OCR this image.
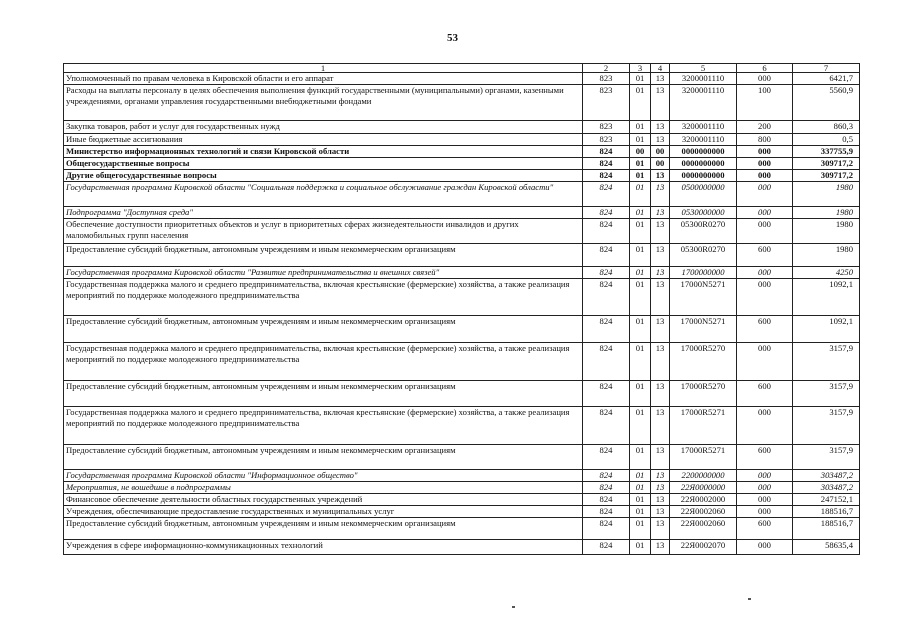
53
1	2	3	4	5	6	7
Уполномоченный по правам человека в Кировской области и его аппарат	823	01	13	3200001110	000	6421,7
Расходы на выплаты персоналу в целях обеспечения выполнения функций государственными (муниципальными) органами, казенными учреждениями, органами управления государственными внебюджетными фондами	823	01	13	3200001110	100	5560,9
Закупка товаров, работ и услуг для государственных нужд	823	01	13	3200001110	200	860,3
Иные бюджетные ассигнования	823	01	13	3200001110	800	0,5
Министерство информационных технологий и связи Кировской области	824	00	00	0000000000	000	337755,9
Общегосударственные вопросы	824	01	00	0000000000	000	309717,2
Другие общегосударственные вопросы	824	01	13	0000000000	000	309717,2
Государственная программа Кировской области "Социальная поддержка и социальное обслуживание граждан Кировской области"	824	01	13	0500000000	000	1980
Подпрограмма "Доступная среда"	824	01	13	0530000000	000	1980
Обеспечение доступности приоритетных объектов и услуг в приоритетных сферах жизнедеятельности инвалидов и других маломобильных групп населения	824	01	13	05300R0270	000	1980
Предоставление субсидий бюджетным, автономным учреждениям и иным некоммерческим организациям	824	01	13	05300R0270	600	1980
Государственная программа Кировской области "Развитие предпринимательства и внешних связей"	824	01	13	1700000000	000	4250
Государственная поддержка малого и среднего предпринимательства, включая крестьянские (фермерские) хозяйства, а также реализация мероприятий по поддержке молодежного предпринимательства	824	01	13	17000N5271	000	1092,1
Предоставление субсидий бюджетным, автономным учреждениям и иным некоммерческим организациям	824	01	13	17000N5271	600	1092,1
Государственная поддержка малого и среднего предпринимательства, включая крестьянские (фермерские) хозяйства, а также реализация мероприятий по поддержке молодежного предпринимательства	824	01	13	17000R5270	000	3157,9
Предоставление субсидий бюджетным, автономным учреждениям и иным некоммерческим организациям	824	01	13	17000R5270	600	3157,9
Государственная поддержка малого и среднего предпринимательства, включая крестьянские (фермерские) хозяйства, а также реализация мероприятий по поддержке молодежного предпринимательства	824	01	13	17000R5271	000	3157,9
Предоставление субсидий бюджетным, автономным учреждениям и иным некоммерческим организациям	824	01	13	17000R5271	600	3157,9
Государственная программа Кировской области "Информационное общество"	824	01	13	2200000000	000	303487,2
Мероприятия, не вошедшие в подпрограммы	824	01	13	22Я0000000	000	303487,2
Финансовое обеспечение деятельности областных государственных учреждений	824	01	13	22Я0002000	000	247152,1
Учреждения, обеспечивающие предоставление государственных и муниципальных услуг	824	01	13	22Я0002060	000	188516,7
Предоставление субсидий бюджетным, автономным учреждениям и иным некоммерческим организациям	824	01	13	22Я0002060	600	188516,7
Учреждения в сфере информационно-коммуникационных технологий	824	01	13	22Я0002070	000	58635,4
